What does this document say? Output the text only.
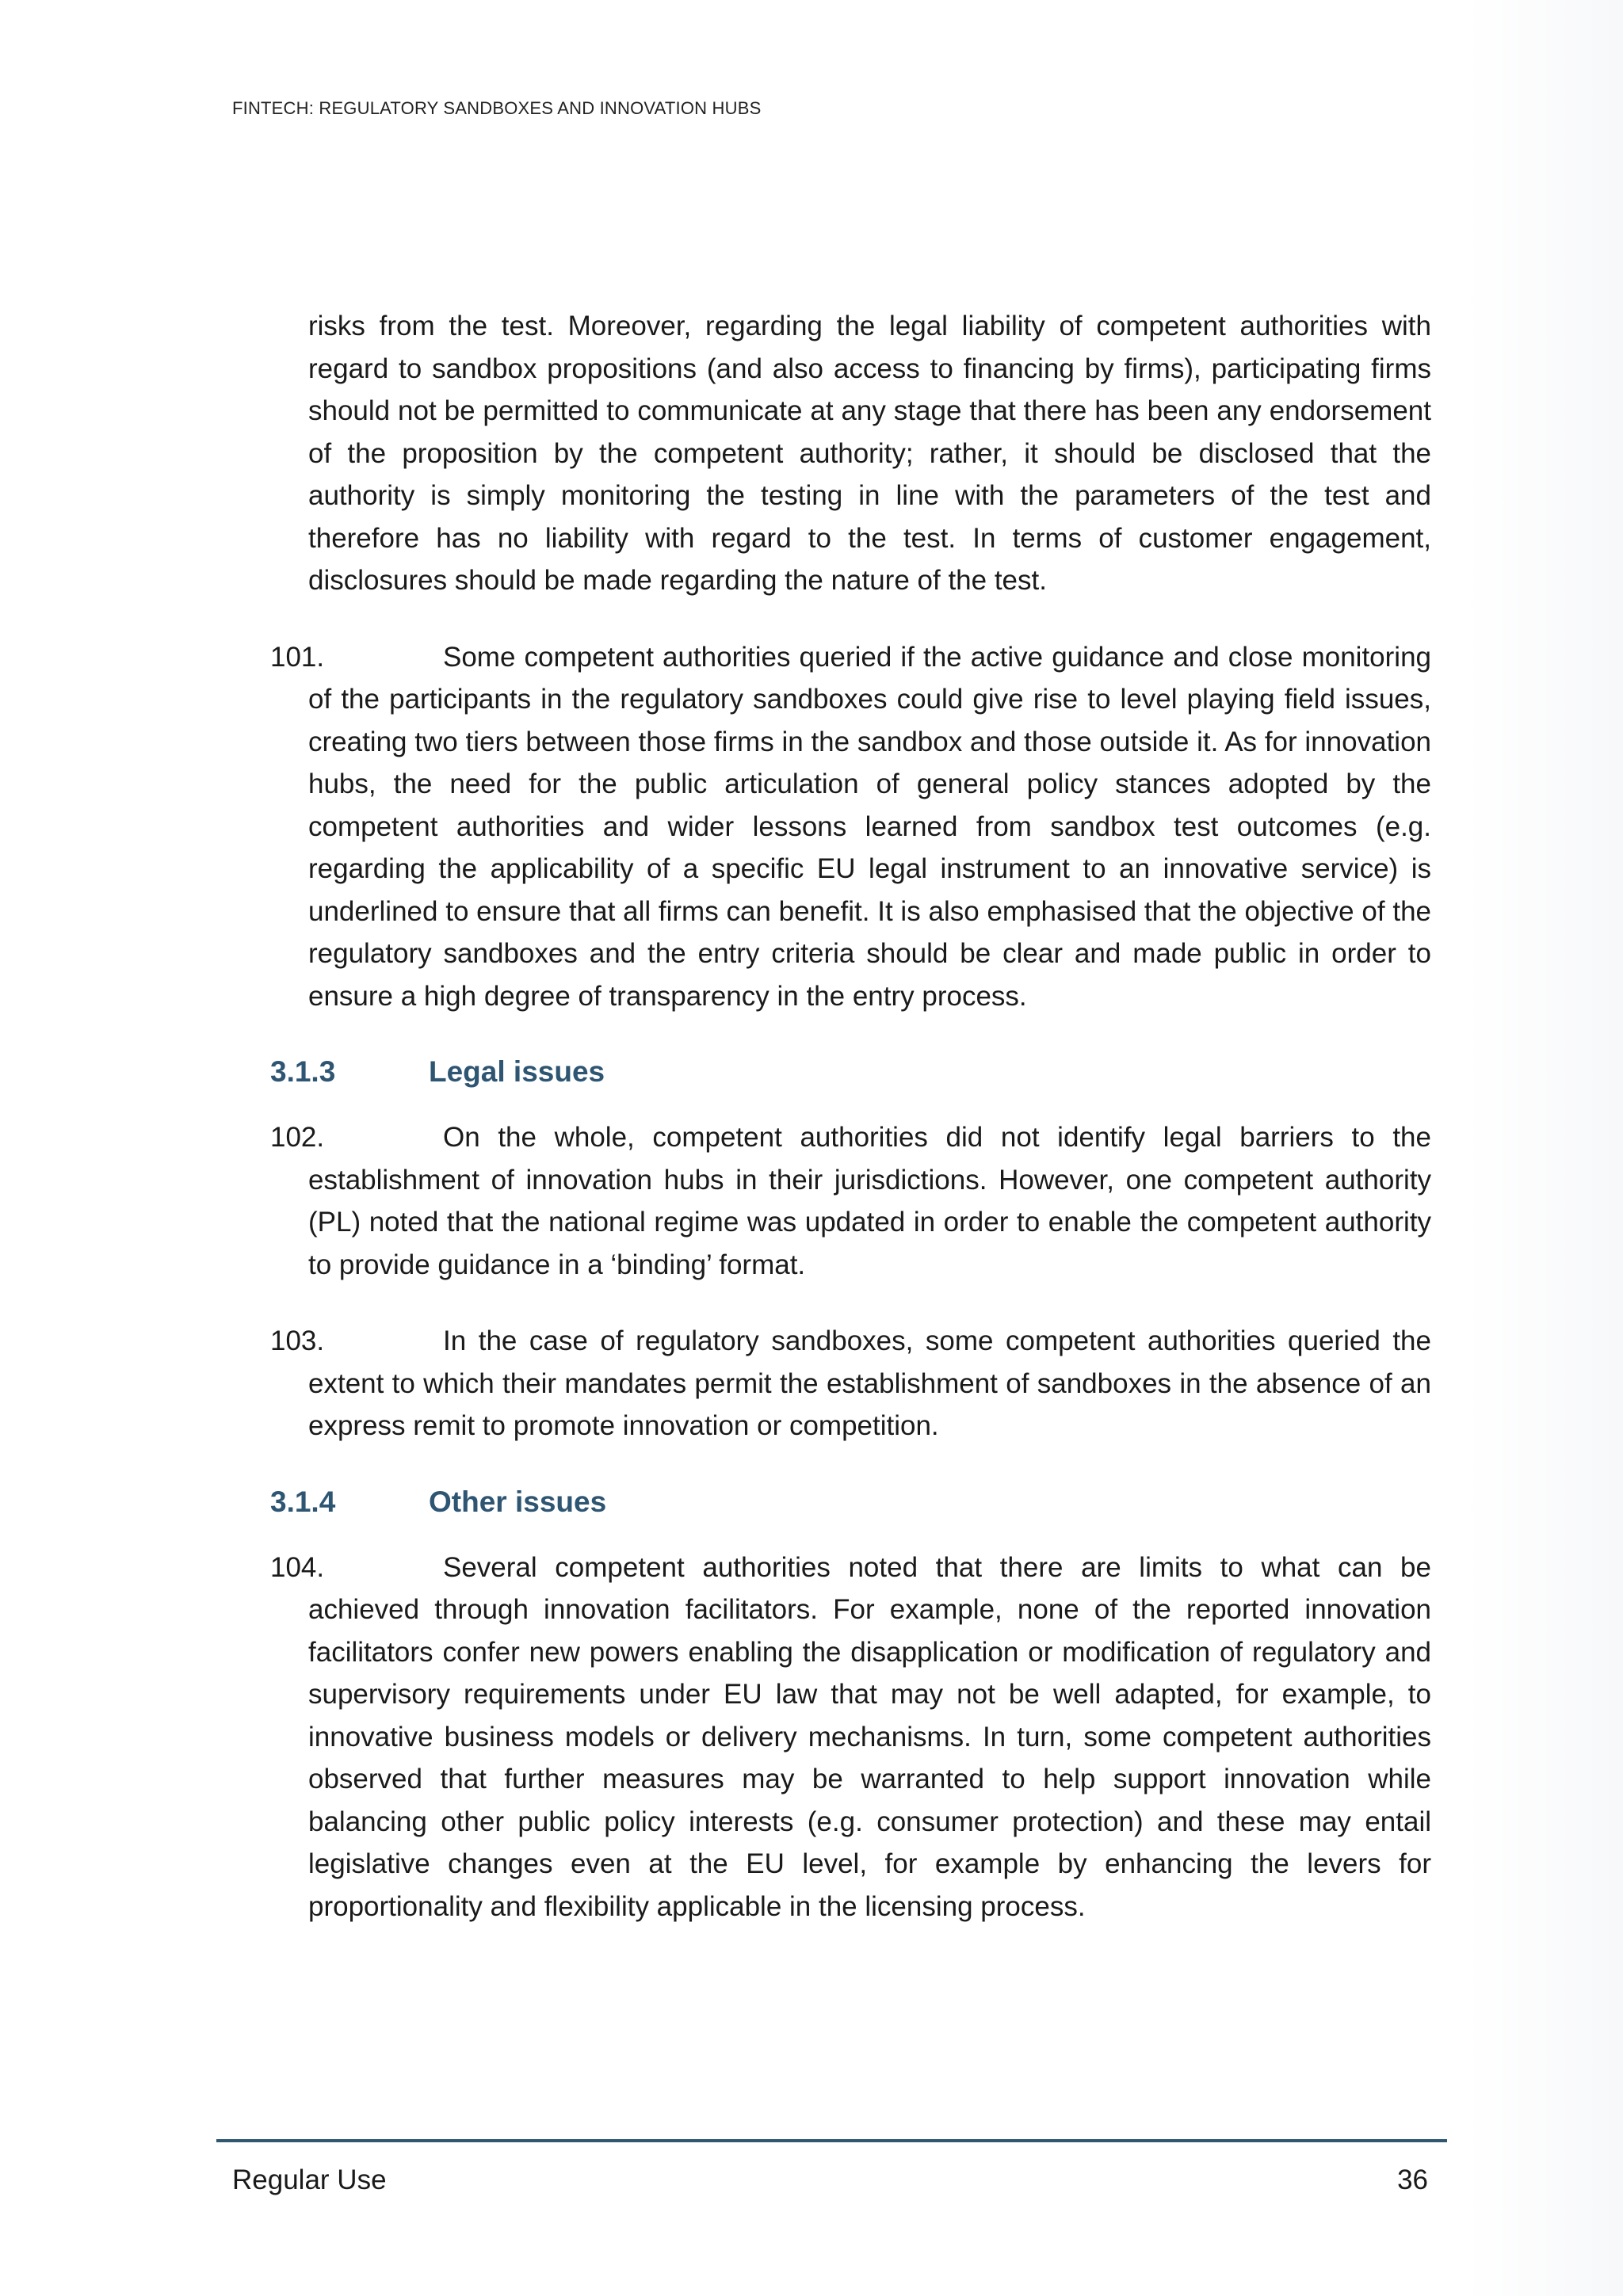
FINTECH: REGULATORY SANDBOXES AND INNOVATION HUBS

risks from the test. Moreover, regarding the legal liability of competent authorities with regard to sandbox propositions (and also access to financing by firms), participating firms should not be permitted to communicate at any stage that there has been any endorsement of the proposition by the competent authority; rather, it should be disclosed that the authority is simply monitoring the testing in line with the parameters of the test and therefore has no liability with regard to the test. In terms of customer engagement, disclosures should be made regarding the nature of the test.

101.	Some competent authorities queried if the active guidance and close monitoring of the participants in the regulatory sandboxes could give rise to level playing field issues, creating two tiers between those firms in the sandbox and those outside it. As for innovation hubs, the need for the public articulation of general policy stances adopted by the competent authorities and wider lessons learned from sandbox test outcomes (e.g. regarding the applicability of a specific EU legal instrument to an innovative service) is underlined to ensure that all firms can benefit. It is also emphasised that the objective of the regulatory sandboxes and the entry criteria should be clear and made public in order to ensure a high degree of transparency in the entry process.

3.1.3	Legal issues

102.	On the whole, competent authorities did not identify legal barriers to the establishment of innovation hubs in their jurisdictions. However, one competent authority (PL) noted that the national regime was updated in order to enable the competent authority to provide guidance in a ‘binding’ format.

103.	In the case of regulatory sandboxes, some competent authorities queried the extent to which their mandates permit the establishment of sandboxes in the absence of an express remit to promote innovation or competition.

3.1.4	Other issues

104.	Several competent authorities noted that there are limits to what can be achieved through innovation facilitators. For example, none of the reported innovation facilitators confer new powers enabling the disapplication or modification of regulatory and supervisory requirements under EU law that may not be well adapted, for example, to innovative business models or delivery mechanisms. In turn, some competent authorities observed that further measures may be warranted to help support innovation while balancing other public policy interests (e.g. consumer protection) and these may entail legislative changes even at the EU level, for example by enhancing the levers for proportionality and flexibility applicable in the licensing process.

Regular Use	36
